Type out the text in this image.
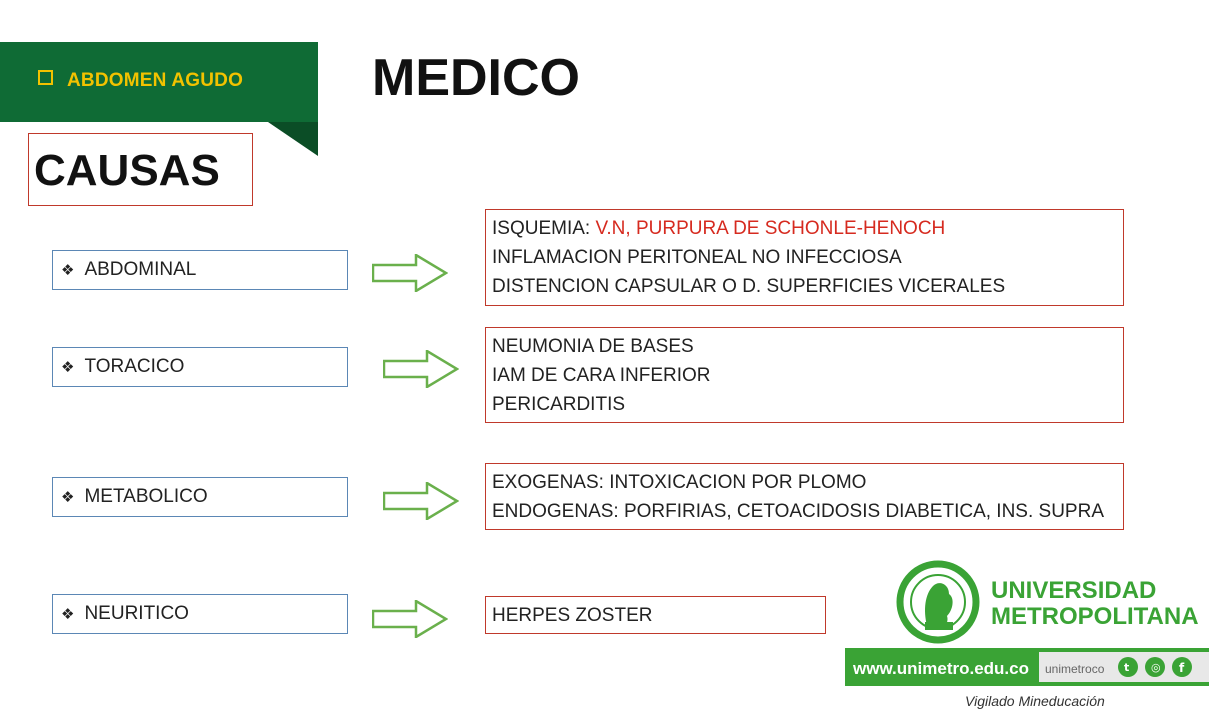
ABDOMEN AGUDO MEDICO
CAUSAS
❖ ABDOMINAL
❖ TORACICO
❖ METABOLICO
❖ NEURITICO
ISQUEMIA: V.N, PURPURA DE SCHONLE-HENOCH
INFLAMACION PERITONEAL NO INFECCIOSA
DISTENCION CAPSULAR O D. SUPERFICIES VICERALES
NEUMONIA DE BASES
IAM DE CARA INFERIOR
PERICARDITIS
EXOGENAS: INTOXICACION POR PLOMO
ENDOGENAS: PORFIRIAS, CETOACIDOSIS DIABETICA, INS. SUPRA
HERPES ZOSTER
UNIVERSIDAD
METROPOLITANA
www.unimetro.edu.co unimetroco t ◎ f
Vigilado Mineducación
